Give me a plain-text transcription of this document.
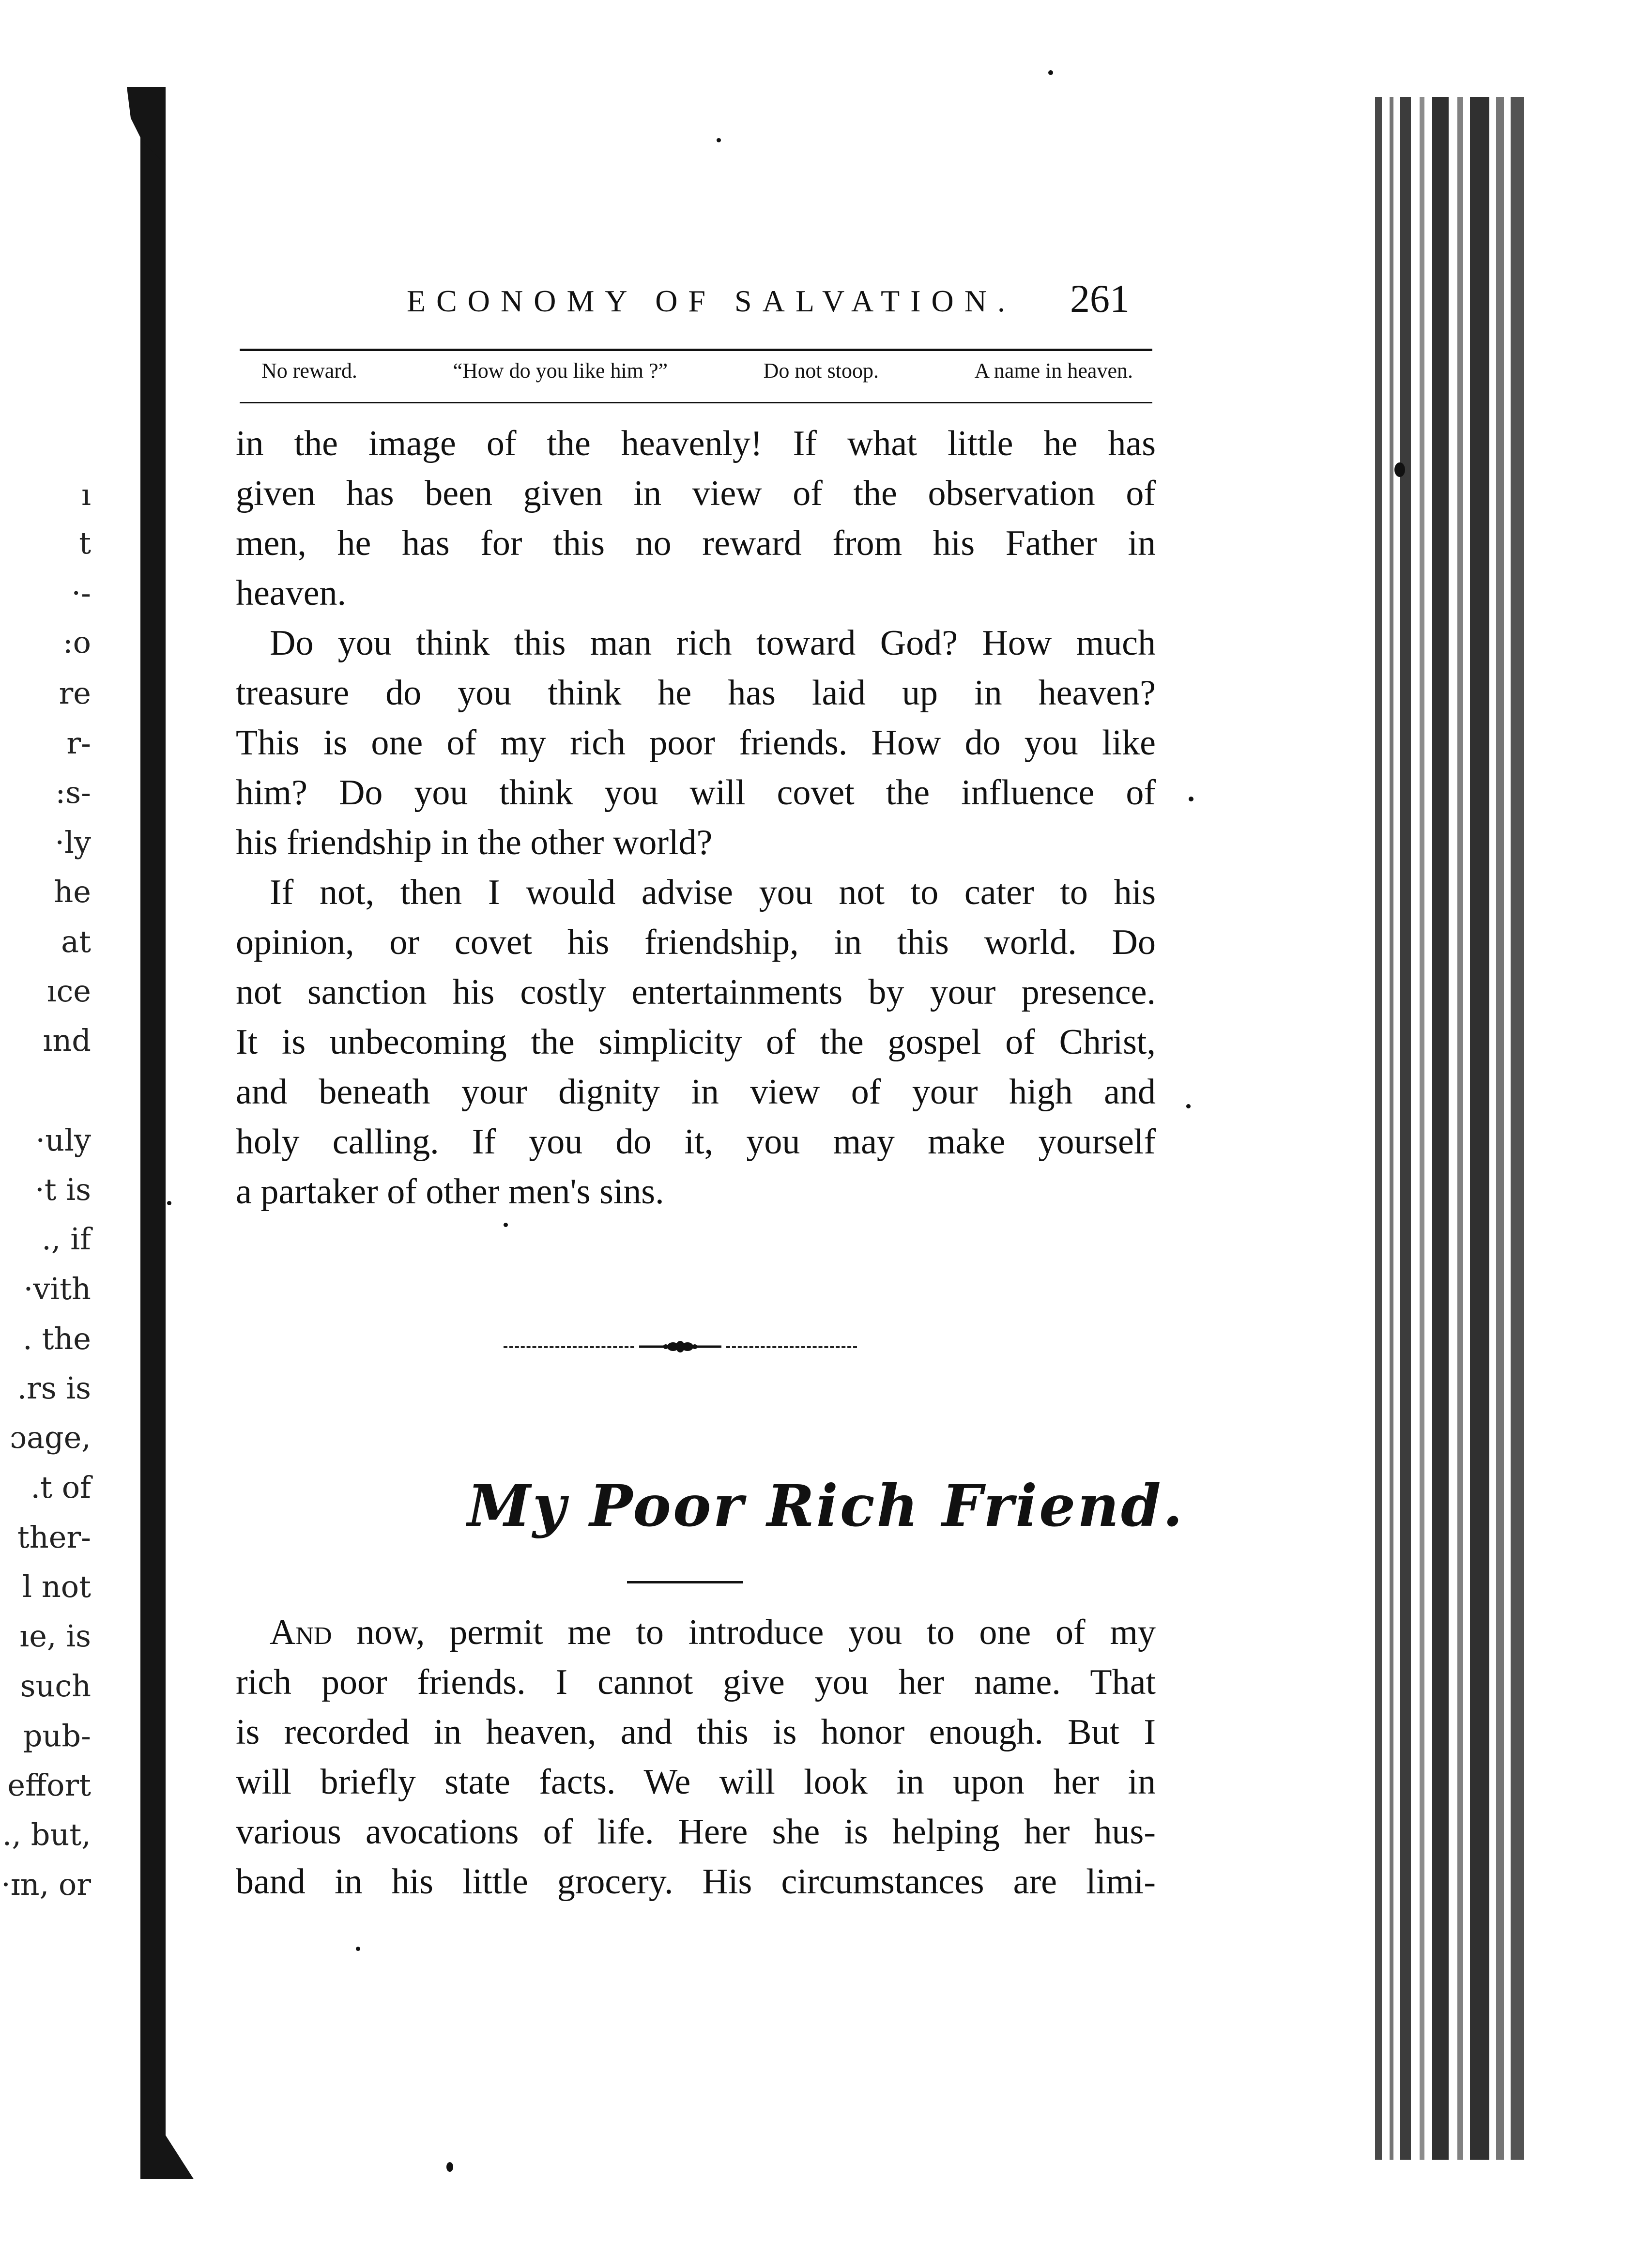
ı
t
·-
:o
re
r-
:s-
·ly
he
at
ıce
ınd
·uly
·t is
., if
·vith
. the
.rs is
ɔage,
.t of
ther-
l not
ıe, is
such
pub-
effort
., but,
·ɪn, or
ECONOMY OF SALVATION. 261
No reward.	“How do you like him ?”	Do not stoop.	A name in heaven.
in the image of the heavenly! If what little he has
given has been given in view of the observation of
men, he has for this no reward from his Father in
heaven.
Do you think this man rich toward God? How much
treasure do you think he has laid up in heaven?
This is one of my rich poor friends. How do you like
him? Do you think you will covet the influence of
his friendship in the other world?
If not, then I would advise you not to cater to his
opinion, or covet his friendship, in this world. Do
not sanction his costly entertainments by your presence.
It is unbecoming the simplicity of the gospel of Christ,
and beneath your dignity in view of your high and
holy calling. If you do it, you may make yourself
a partaker of other men's sins.
My Poor Rich Friend.
And now, permit me to introduce you to one of my
rich poor friends. I cannot give you her name. That
is recorded in heaven, and this is honor enough. But I
will briefly state facts. We will look in upon her in
various avocations of life. Here she is helping her hus-
band in his little grocery. His circumstances are limi-
